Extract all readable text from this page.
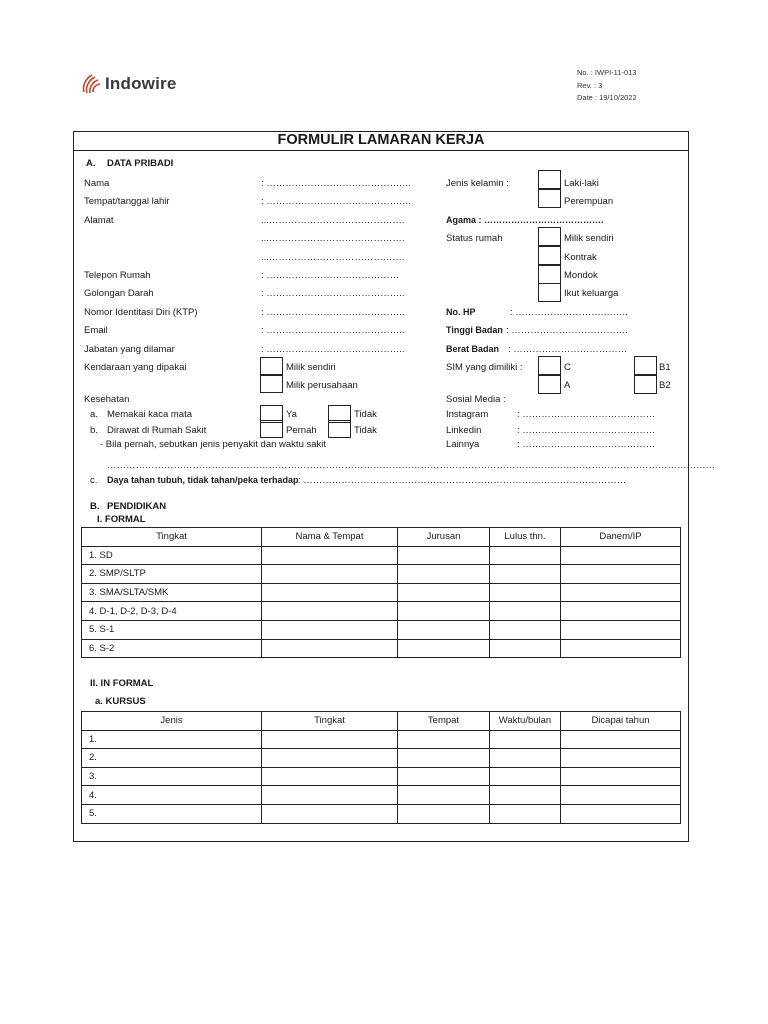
Indowire
No. : IWPI-11-013
Rev. : 3
Date : 19/10/2022
FORMULIR LAMARAN KERJA
A. DATA PRIBADI
Nama	: …………………………………….…
Tempat/tanggal lahir	: …………………………………….…
Alamat	...…………………………………….
...…………………………………….
...…………………………………….
Telepon Rumah	: ……………………………………
Golongan Darah	: ……………………………………..
Nomor Identitasi Diri (KTP)	: ……………………………………..
Email	: ……………………………………..
Jabatan yang dilamar	: ……………………………………..
Kendaraan yang dipakai	Milik sendiri
Milik perusahaan
Kesehatan
a. Memakai kaca mata	Ya	Tidak
b. Dirawat di Rumah Sakit	Pernah	Tidak
- Bila pernah, sebutkan jenis penyakit dan waktu sakit
…………………………………………………………………………………………………………………………………………………………………………
c. Daya tahan tubuh, tidak tahan/peka terhadap : …………………………………………………………………………………………
Jenis kelamin :	Laki-laki
Perempuan
Agama : ………………………………….
Status rumah	Milik sendiri
Kontrak
Mondok
Ikut keluarga
No. HP	: ……………………….……..
Tinggi Badan : ……………………………….
Berat Badan : ………………………………
SIM yang dimiliki :	C
A
B1
B2
Sosial Media :
Instagram	: ……………………………………
Linkedin	: ……………………………………
Lainnya	: ……………………………………
B. PENDIDIKAN
I. FORMAL
Tingkat	Nama & Tempat	Jurusan	Lulus thn.	Danem/IP
1. SD				
2. SMP/SLTP				
3. SMA/SLTA/SMK				
4. D-1, D-2, D-3, D-4				
5. S-1				
6. S-2				
II. IN FORMAL
a. KURSUS
Jenis	Tingkat	Tempat	Waktu/bulan	Dicapai tahun
1.				
2.				
3.				
4.				
5.				
